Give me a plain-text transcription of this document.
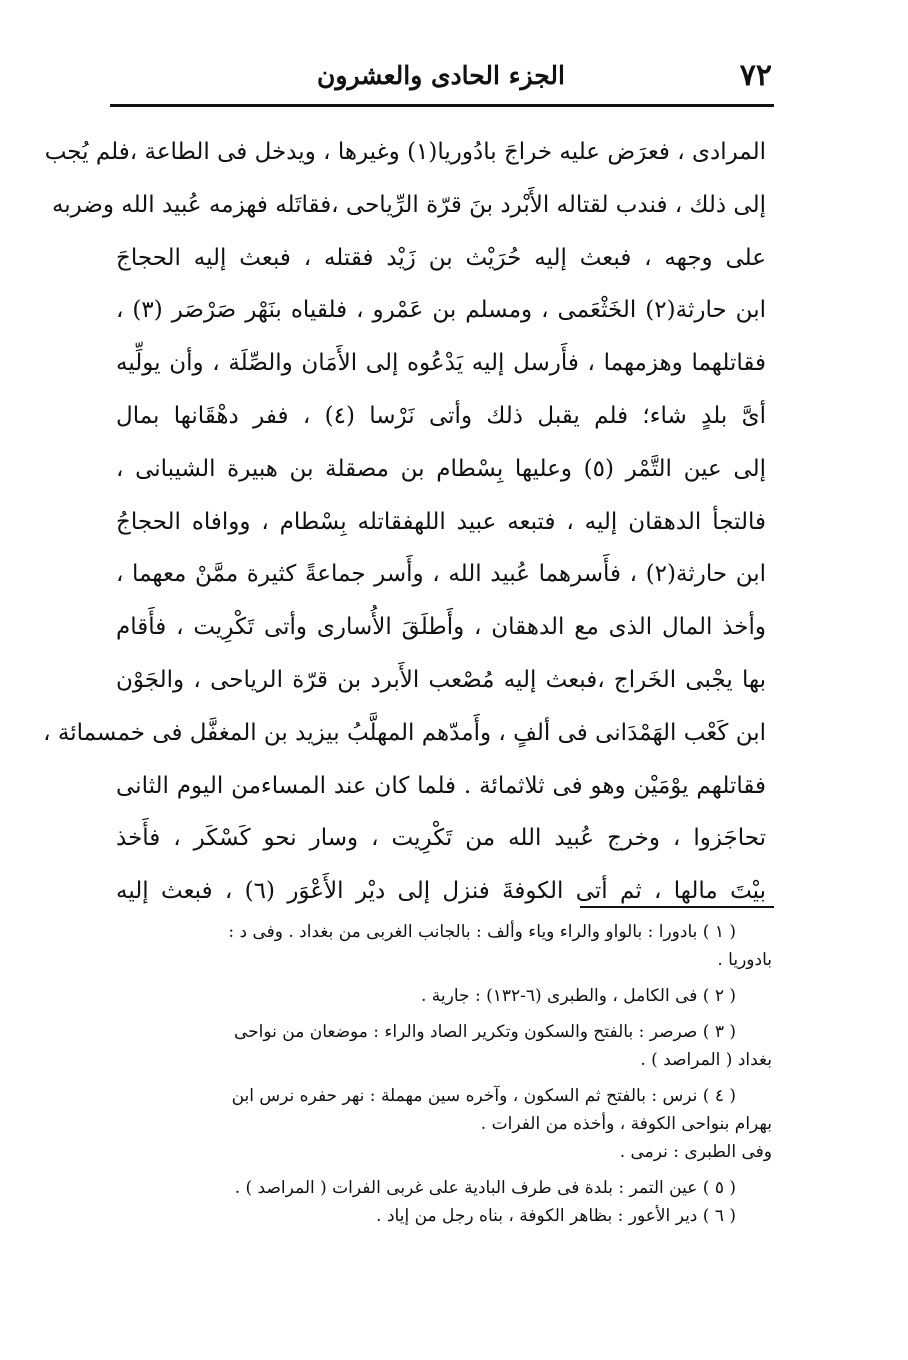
٧٢
الجزء الحادى والعشرون
المرادى ، فعرَض عليه خراجَ بادُوريا(١) وغيرها ، ويدخل فى الطاعة ،فلم يُجب
إلى ذلك ، فندب لقتاله الأَبْرد بنَ قرّة الرِّياحى ،فقاتَله فهزمه عُبيد الله وضربه
على وجهه ، فبعث إليه حُرَيْث بن زَيْد فقتله ، فبعث إليه الحجاجَ
ابن حارثة(٢) الخَثْعَمى ، ومسلم بن عَمْرو ، فلقياه بنَهْر صَرْصَر (٣) ،
فقاتلهما وهزمهما ، فأَرسل إليه يَدْعُوه إلى الأَمَان والصِّلَة ، وأن يولِّيه
أىَّ بلدٍ شاء؛ فلم يقبل ذلك وأتى نَرْسا (٤) ، ففر دهْقَانها بمال
إلى عين التَّمْر (٥) وعليها بِسْطام بن مصقلة بن هبيرة الشيبانى ،
فالتجأ الدهقان إليه ، فتبعه عبيد اللهفقاتله بِسْطام ، ووافاه الحجاجُ
ابن حارثة(٢) ، فأَسرهما عُبيد الله ، وأَسر جماعةً كثيرة ممَّنْ معهما ،
وأخذ المال الذى مع الدهقان ، وأَطلَقَ الأُسارى وأتى تَكْرِيت ، فأَقام
بها يجْبى الخَراج ،فبعث إليه مُصْعب الأَبرد بن قرّة الرياحى ، والجَوْن
ابن كَعْب الهَمْدَانى فى ألفٍ ، وأَمدّهم المهلَّبُ بيزيد بن المغفَّل فى خمسمائة ،
فقاتلهم يوْمَيْن وهو فى ثلاثمائة . فلما كان عند المساءمن اليوم الثانى
تحاجَزوا ، وخرج عُبيد الله من تَكْرِيت ، وسار نحو كَسْكَر ، فأَخذ
بيْتَ مالها ، ثم أتى الكوفةَ فنزل إلى ديْر الأَعْوَر (٦) ، فبعث إليه
( ١ ) بادورا : بالواو والراء وياء وألف : بالجانب الغربى من بغداد . وفى د :
بادوريا .
( ٢ ) فى الكامل ، والطبرى (٦-١٣٢) : جارية .
( ٣ ) صرصر : بالفتح والسكون وتكرير الصاد والراء : موضعان من نواحى
بغداد ( المراصد ) .
( ٤ ) نرس : بالفتح ثم السكون ، وآخره سين مهملة : نهر حفره نرس ابن
بهرام بنواحى الكوفة ، وأخذه من الفرات .
وفى الطبرى : نرمى .
( ٥ ) عين التمر : بلدة فى طرف البادية على غربى الفرات ( المراصد ) .
( ٦ ) دير الأعور : بظاهر الكوفة ، بناه رجل من إياد .
